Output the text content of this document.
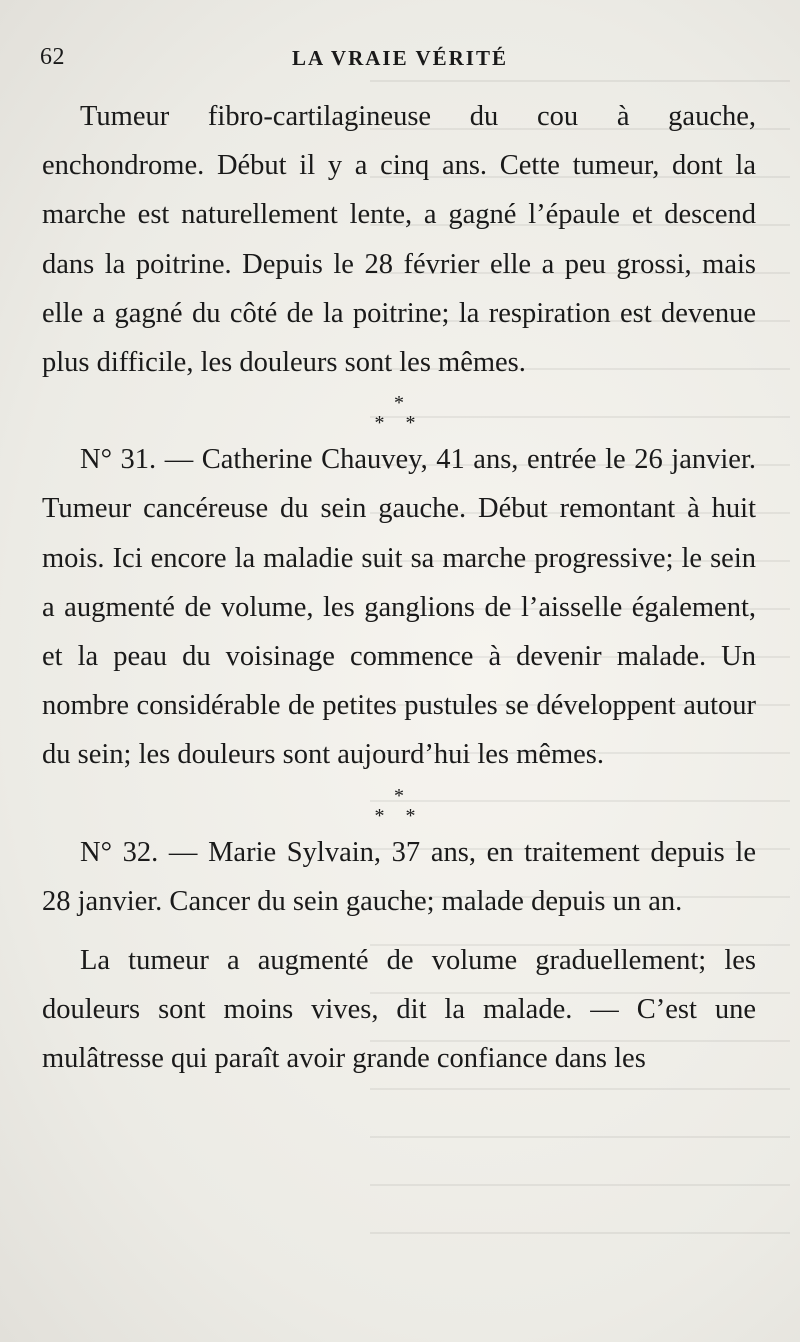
62	LA VRAIE VÉRITÉ

Tumeur fibro-cartilagineuse du cou à gauche, enchondrome. Début il y a cinq ans. Cette tumeur, dont la marche est naturellement lente, a gagné l’épaule et descend dans la poitrine. Depuis le 28 février elle a peu grossi, mais elle a gagné du côté de la poitrine; la respiration est devenue plus difficile, les douleurs sont les mêmes.

*
* *

N° 31. — Catherine Chauvey, 41 ans, entrée le 26 janvier. Tumeur cancéreuse du sein gauche. Début remontant à huit mois. Ici encore la maladie suit sa marche progressive; le sein a augmenté de volume, les ganglions de l’aisselle également, et la peau du voisinage commence à devenir malade. Un nombre considérable de petites pustules se développent autour du sein; les douleurs sont aujourd’hui les mêmes.

*
* *

N° 32. — Marie Sylvain, 37 ans, en traitement depuis le 28 janvier. Cancer du sein gauche; malade depuis un an.

La tumeur a augmenté de volume graduellement; les douleurs sont moins vives, dit la malade. — C’est une mulâtresse qui paraît avoir grande confiance dans les
